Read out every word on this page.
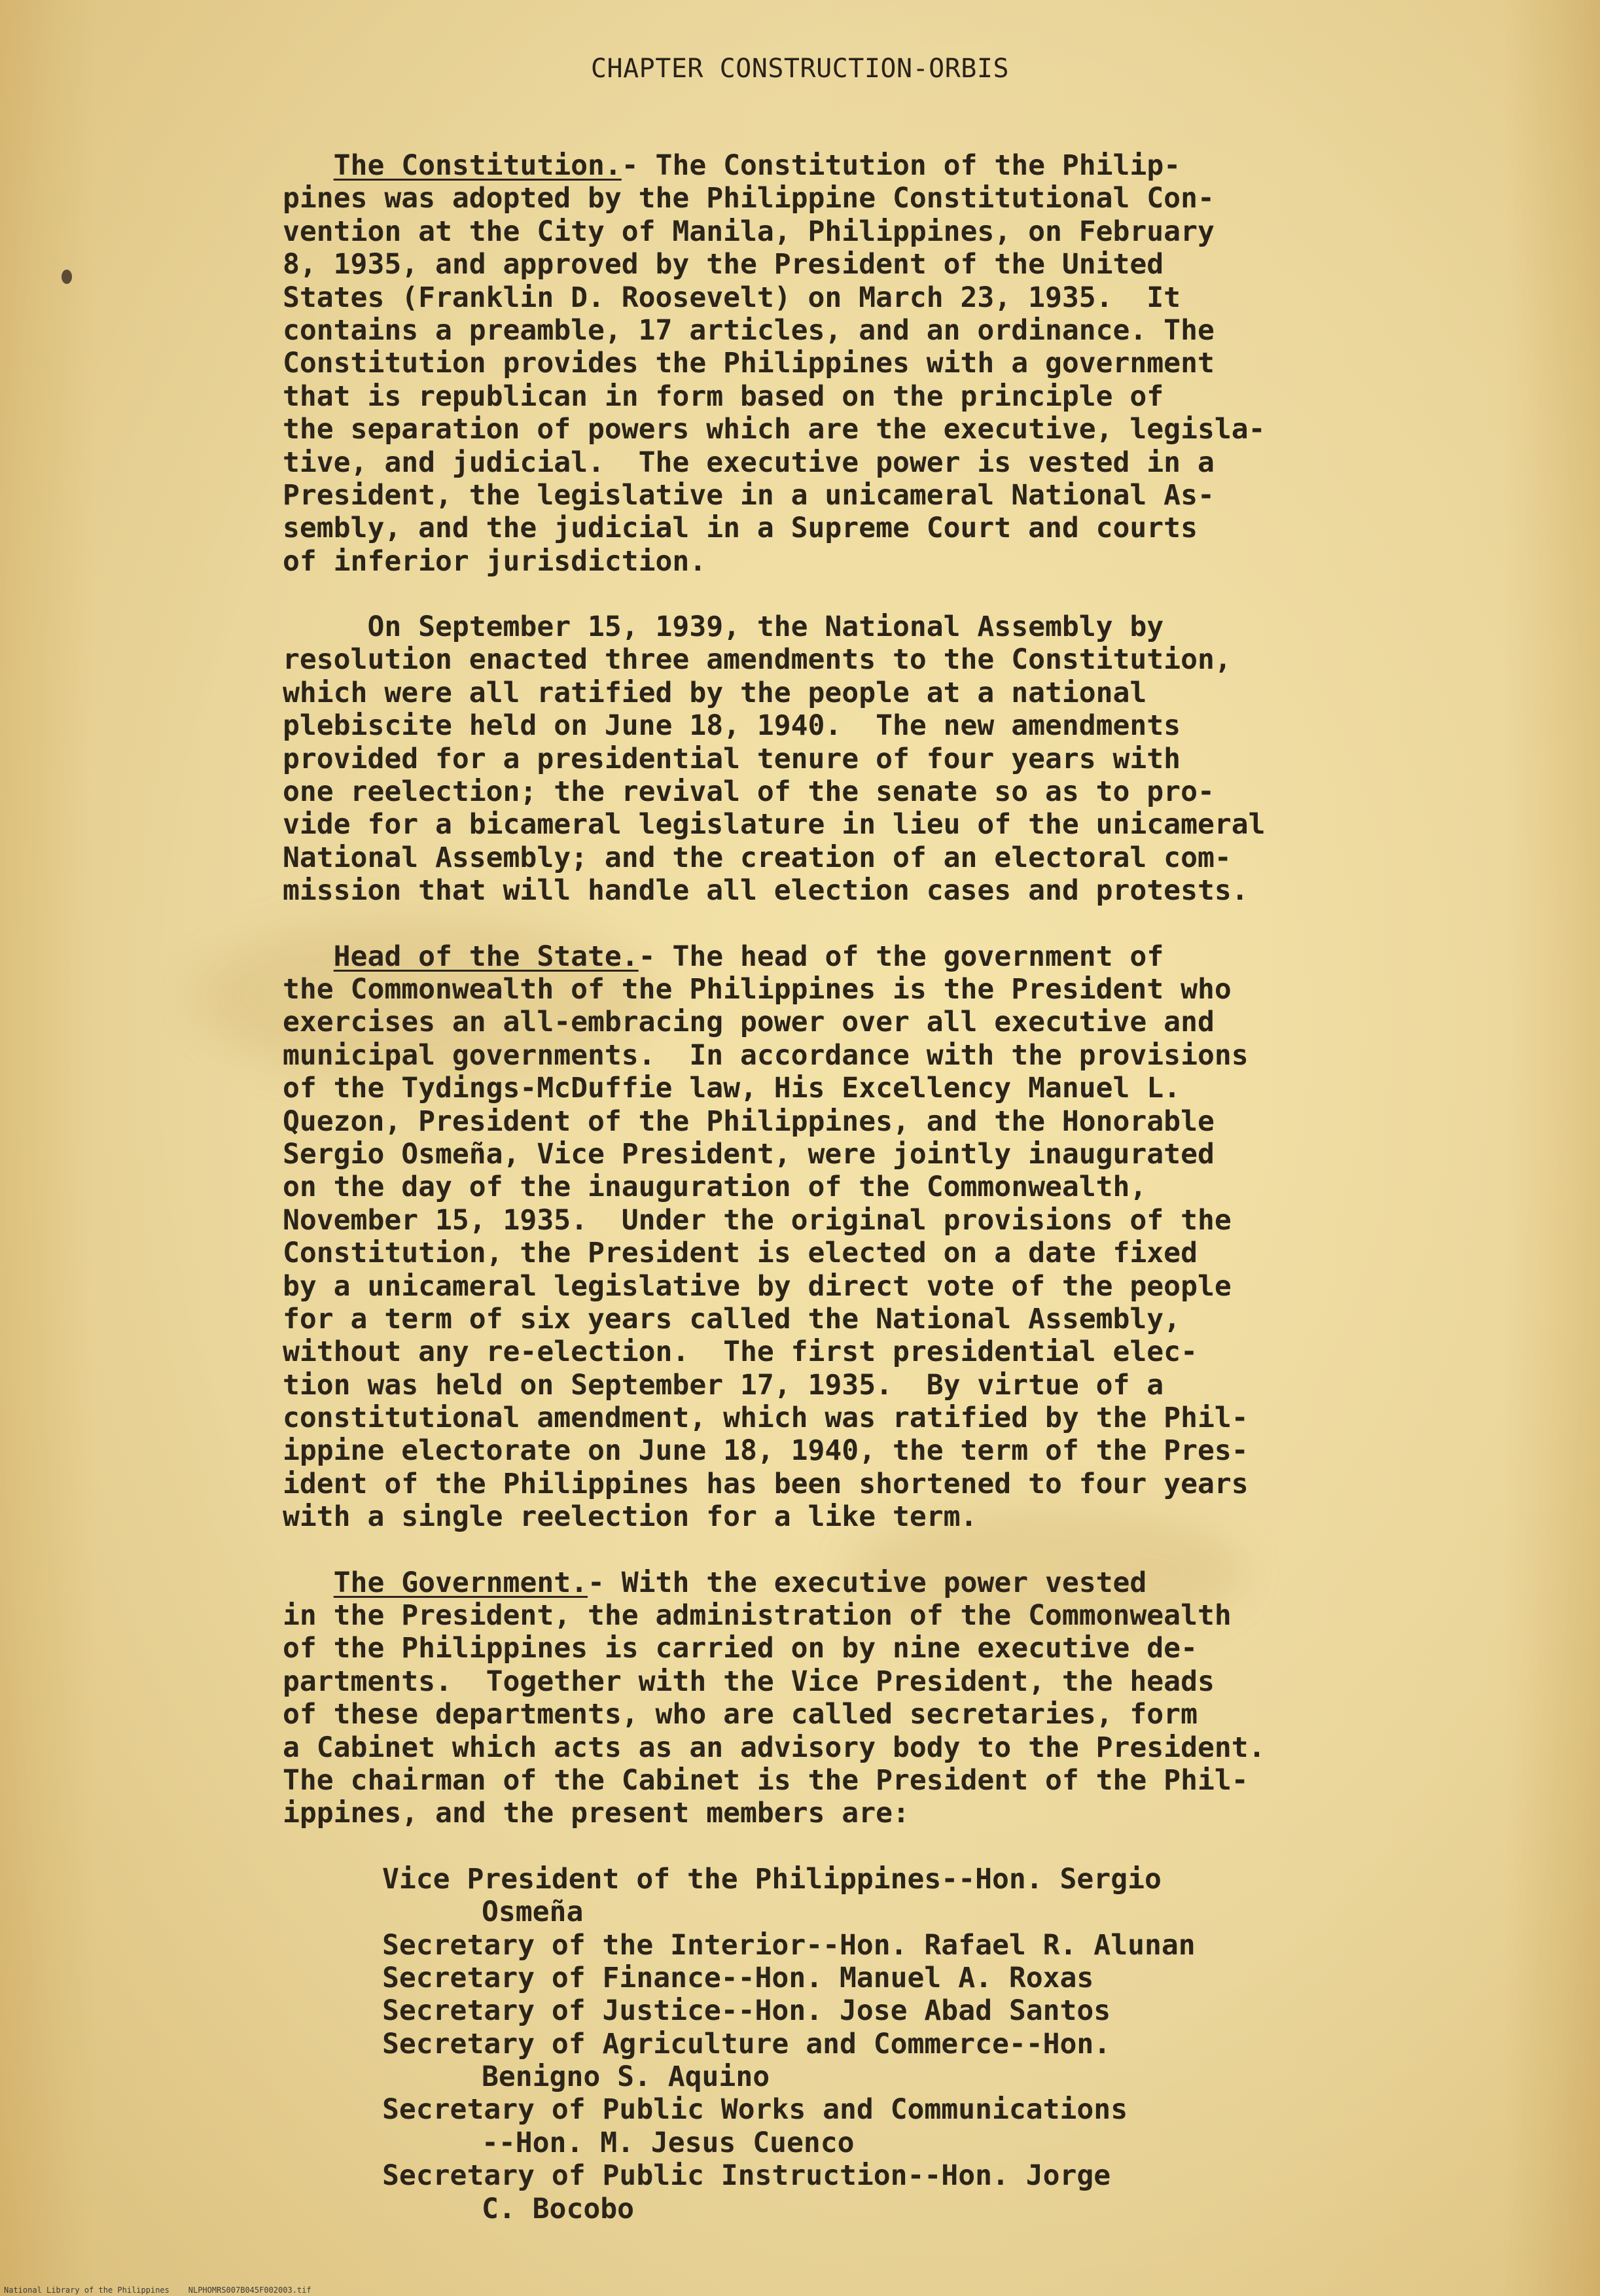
CHAPTER CONSTRUCTION-ORBIS
The Constitution.- The Constitution of the Philip-
pines was adopted by the Philippine Constitutional Con-
vention at the City of Manila, Philippines, on February
8, 1935, and approved by the President of the United
States (Franklin D. Roosevelt) on March 23, 1935.  It
contains a preamble, 17 articles, and an ordinance. The
Constitution provides the Philippines with a government
that is republican in form based on the principle of
the separation of powers which are the executive, legisla-
tive, and judicial.  The executive power is vested in a
President, the legislative in a unicameral National As-
sembly, and the judicial in a Supreme Court and courts
of inferior jurisdiction.
On September 15, 1939, the National Assembly by
resolution enacted three amendments to the Constitution,
which were all ratified by the people at a national
plebiscite held on June 18, 1940.  The new amendments
provided for a presidential tenure of four years with
one reelection; the revival of the senate so as to pro-
vide for a bicameral legislature in lieu of the unicameral
National Assembly; and the creation of an electoral com-
mission that will handle all election cases and protests.
Head of the State.- The head of the government of
the Commonwealth of the Philippines is the President who
exercises an all-embracing power over all executive and
municipal governments.  In accordance with the provisions
of the Tydings-McDuffie law, His Excellency Manuel L.
Quezon, President of the Philippines, and the Honorable
Sergio Osmeña, Vice President, were jointly inaugurated
on the day of the inauguration of the Commonwealth,
November 15, 1935.  Under the original provisions of the
Constitution, the President is elected on a date fixed
by a unicameral legislative by direct vote of the people
for a term of six years called the National Assembly,
without any re-election.  The first presidential elec-
tion was held on September 17, 1935.  By virtue of a
constitutional amendment, which was ratified by the Phil-
ippine electorate on June 18, 1940, the term of the Pres-
ident of the Philippines has been shortened to four years
with a single reelection for a like term.
The Government.- With the executive power vested
in the President, the administration of the Commonwealth
of the Philippines is carried on by nine executive de-
partments.  Together with the Vice President, the heads
of these departments, who are called secretaries, form
a Cabinet which acts as an advisory body to the President.
The chairman of the Cabinet is the President of the Phil-
ippines, and the present members are:
Vice President of the Philippines--Hon. Sergio
Osmeña
Secretary of the Interior--Hon. Rafael R. Alunan
Secretary of Finance--Hon. Manuel A. Roxas
Secretary of Justice--Hon. Jose Abad Santos
Secretary of Agriculture and Commerce--Hon.
Benigno S. Aquino
Secretary of Public Works and Communications
--Hon. M. Jesus Cuenco
Secretary of Public Instruction--Hon. Jorge
C. Bocobo
National Library of the Philippines    NLPHOMRS007B045F002003.tif
